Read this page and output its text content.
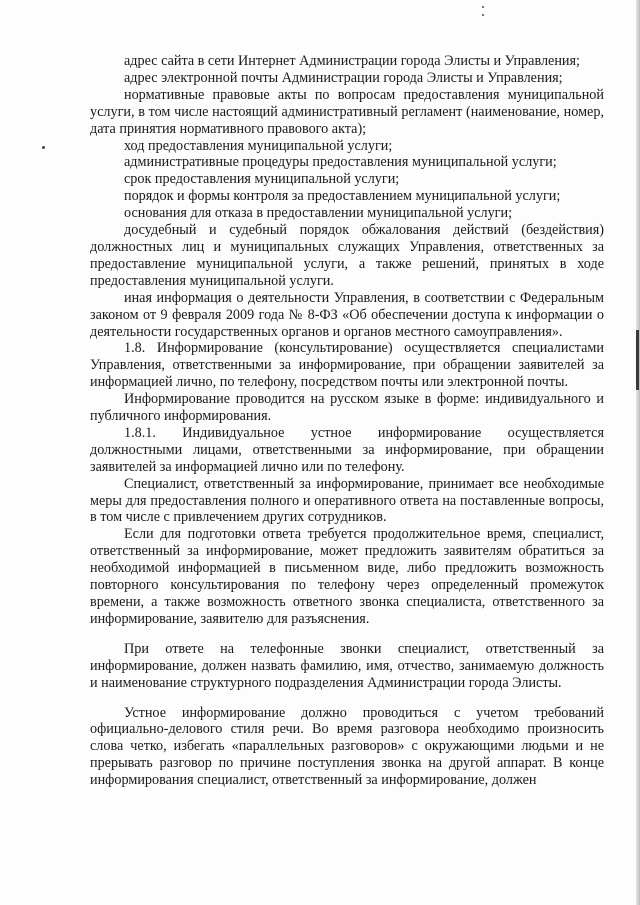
адрес сайта в сети Интернет Администрации города Элисты и Управления;

адрес электронной почты Администрации города Элисты и Управления;

нормативные правовые акты по вопросам предоставления муниципальной услуги, в том числе настоящий административный регламент (наименование, номер, дата принятия нормативного правового акта);

ход предоставления муниципальной услуги;

административные процедуры предоставления муниципальной услуги;

срок предоставления муниципальной услуги;

порядок и формы контроля за предоставлением муниципальной услуги;

основания для отказа в предоставлении муниципальной услуги;

досудебный и судебный порядок обжалования действий (бездействия) должностных лиц и муниципальных служащих Управления, ответственных за предоставление муниципальной услуги, а также решений, принятых в ходе предоставления муниципальной услуги.

иная информация о деятельности Управления, в соответствии с Федеральным законом от 9 февраля 2009 года № 8-ФЗ «Об обеспечении доступа к информации о деятельности государственных органов и органов местного самоуправления».

1.8. Информирование (консультирование) осуществляется специалистами Управления, ответственными за информирование, при обращении заявителей за информацией лично, по телефону, посредством почты или электронной почты.

Информирование проводится на русском языке в форме: индивидуального и публичного информирования.

1.8.1. Индивидуальное устное информирование осуществляется должностными лицами, ответственными за информирование, при обращении заявителей за информацией лично или по телефону.

Специалист, ответственный за информирование, принимает все необходимые меры для предоставления полного и оперативного ответа на поставленные вопросы, в том числе с привлечением других сотрудников.

Если для подготовки ответа требуется продолжительное время, специалист, ответственный за информирование, может предложить заявителям обратиться за необходимой информацией в письменном виде, либо предложить возможность повторного консультирования по телефону через определенный промежуток времени, а также возможность ответного звонка специалиста, ответственного за информирование, заявителю для разъяснения.

При ответе на телефонные звонки специалист, ответственный за информирование, должен назвать фамилию, имя, отчество, занимаемую должность и наименование структурного подразделения Администрации города Элисты.

Устное информирование должно проводиться с учетом требований официально-делового стиля речи. Во время разговора необходимо произносить слова четко, избегать «параллельных разговоров» с окружающими людьми и не прерывать разговор по причине поступления звонка на другой аппарат. В конце информирования специалист, ответственный за информирование, должен
